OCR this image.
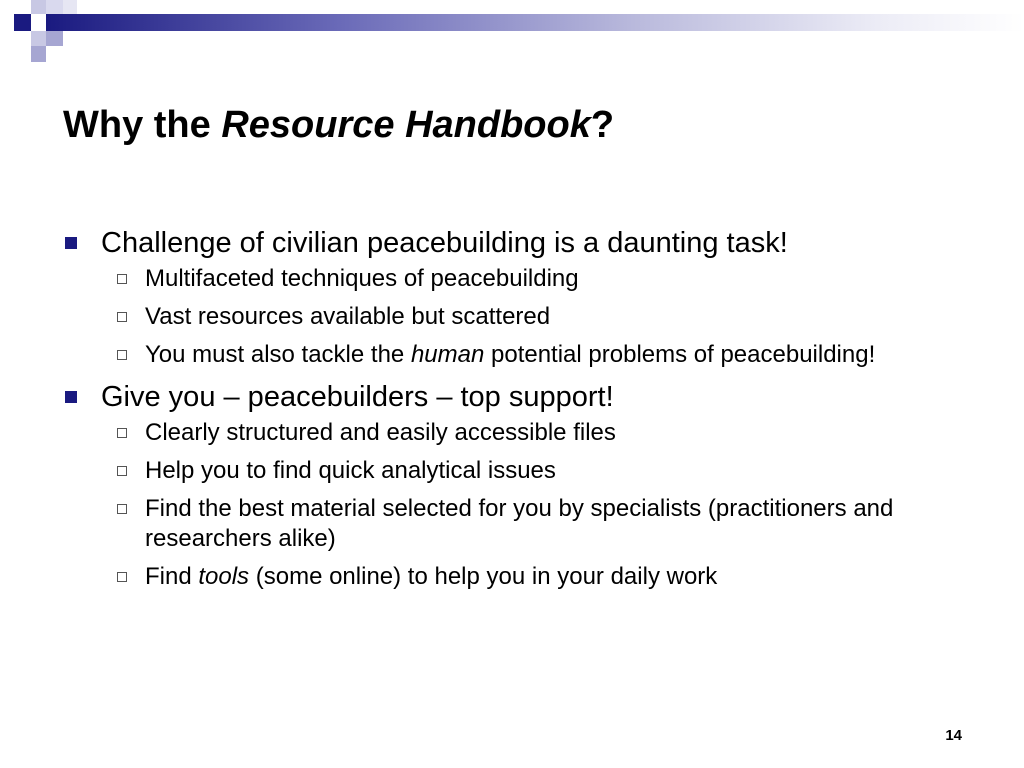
Why the Resource Handbook?
Challenge of civilian peacebuilding is a daunting task!
Multifaceted techniques of peacebuilding
Vast resources available but scattered
You must also tackle the human potential problems of peacebuilding!
Give you – peacebuilders – top support!
Clearly structured and easily accessible files
Help you to find quick analytical issues
Find the best material selected for you by specialists (practitioners and researchers alike)
Find tools (some online) to help you in your daily work
14
